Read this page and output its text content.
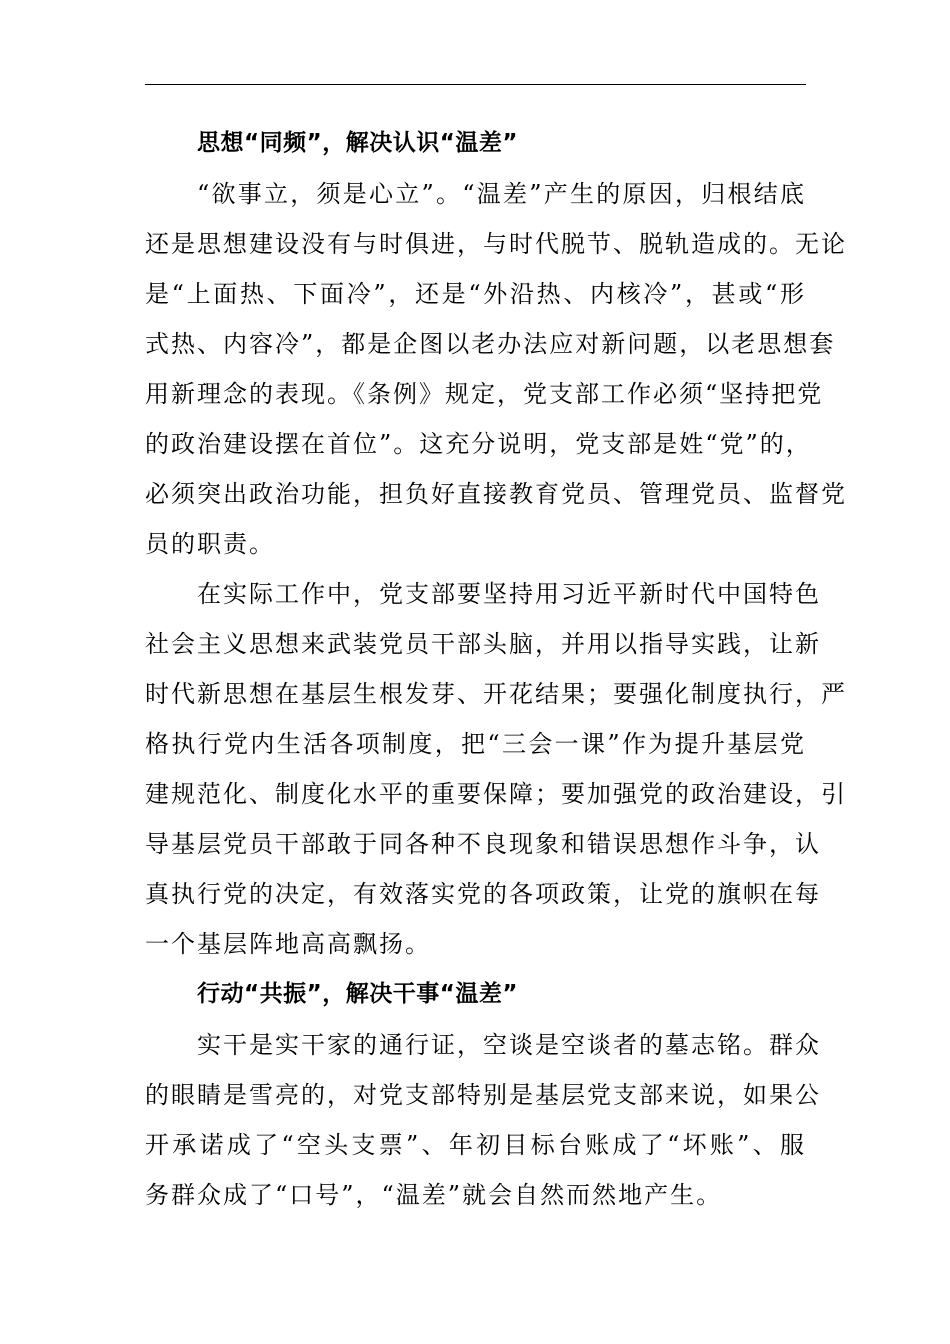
思想“同频”，解决认识“温差”
“欲事立，须是心立”。“温差”产生的原因，归根结底
还是思想建设没有与时俱进，与时代脱节、脱轨造成的。无论
是“上面热、下面冷”，还是“外沿热、内核冷”，甚或“形
式热、内容冷”，都是企图以老办法应对新问题，以老思想套
用新理念的表现。《条例》规定，党支部工作必须“坚持把党
的政治建设摆在首位”。这充分说明，党支部是姓“党”的，
必须突出政治功能，担负好直接教育党员、管理党员、监督党
员的职责。
在实际工作中，党支部要坚持用习近平新时代中国特色
社会主义思想来武装党员干部头脑，并用以指导实践，让新
时代新思想在基层生根发芽、开花结果；要强化制度执行，严
格执行党内生活各项制度，把“三会一课”作为提升基层党
建规范化、制度化水平的重要保障；要加强党的政治建设，引
导基层党员干部敢于同各种不良现象和错误思想作斗争，认
真执行党的决定，有效落实党的各项政策，让党的旗帜在每
一个基层阵地高高飘扬。
行动“共振”，解决干事“温差”
实干是实干家的通行证，空谈是空谈者的墓志铭。群众
的眼睛是雪亮的，对党支部特别是基层党支部来说，如果公
开承诺成了“空头支票”、年初目标台账成了“坏账”、服
务群众成了“口号”，“温差”就会自然而然地产生。
